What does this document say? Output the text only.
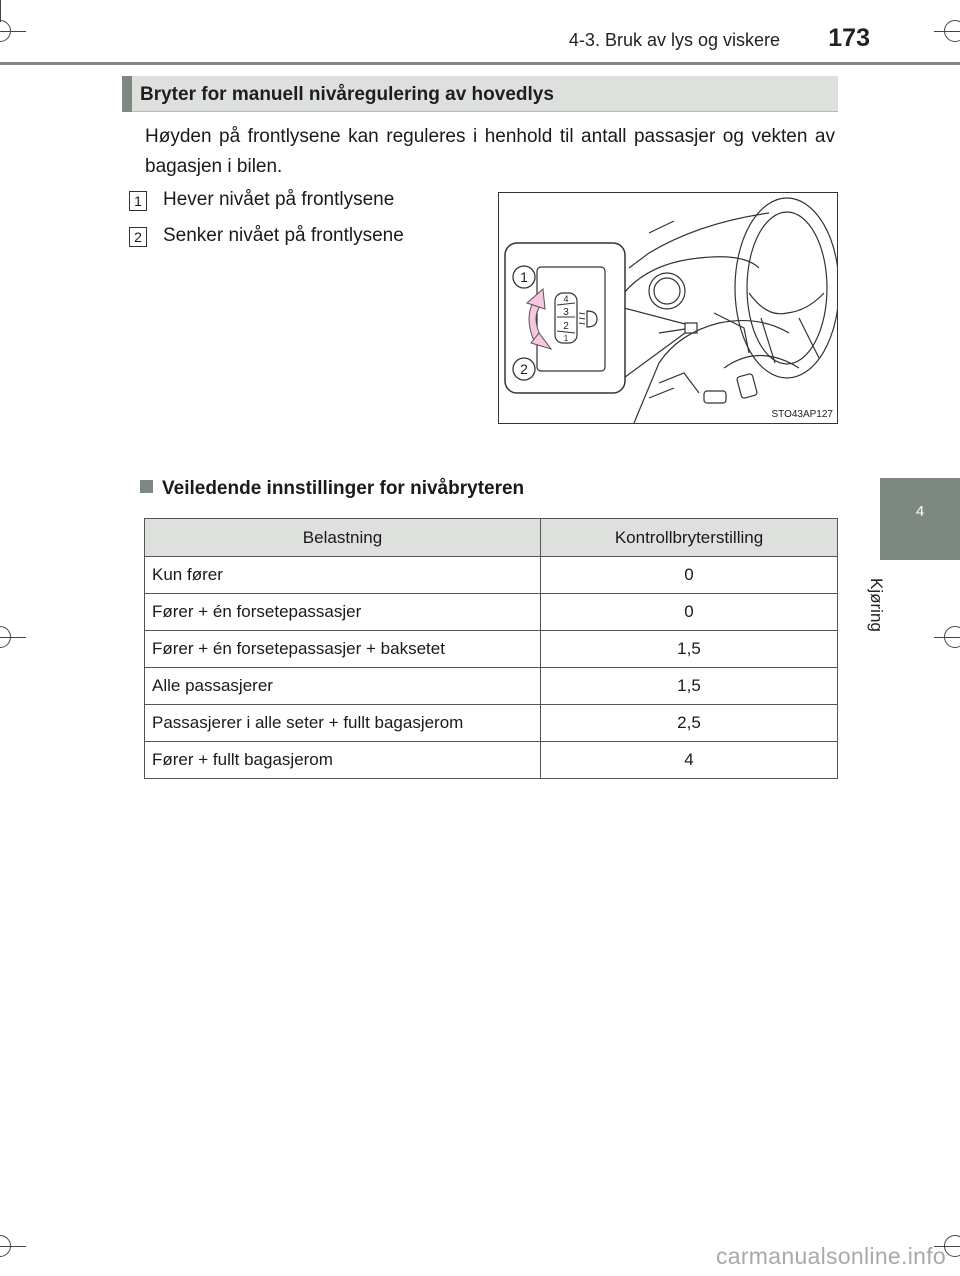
4-3. Bruk av lys og viskere	173
4
Kjøring
Bryter for manuell nivåregulering av hovedlys
Høyden på frontlysene kan reguleres i henhold til antall passasjer og vekten av bagasjen i bilen.
1 Hever nivået på frontlysene
2 Senker nivået på frontlysene
1
2
4
3
2
1
STO43AP127
Veiledende innstillinger for nivåbryteren
Belastning	Kontrollbryterstilling
Kun fører	0
Fører + én forsetepassasjer	0
Fører + én forsetepassasjer + baksetet	1,5
Alle passasjerer	1,5
Passasjerer i alle seter + fullt bagasjerom	2,5
Fører + fullt bagasjerom	4
carmanualsonline.info
